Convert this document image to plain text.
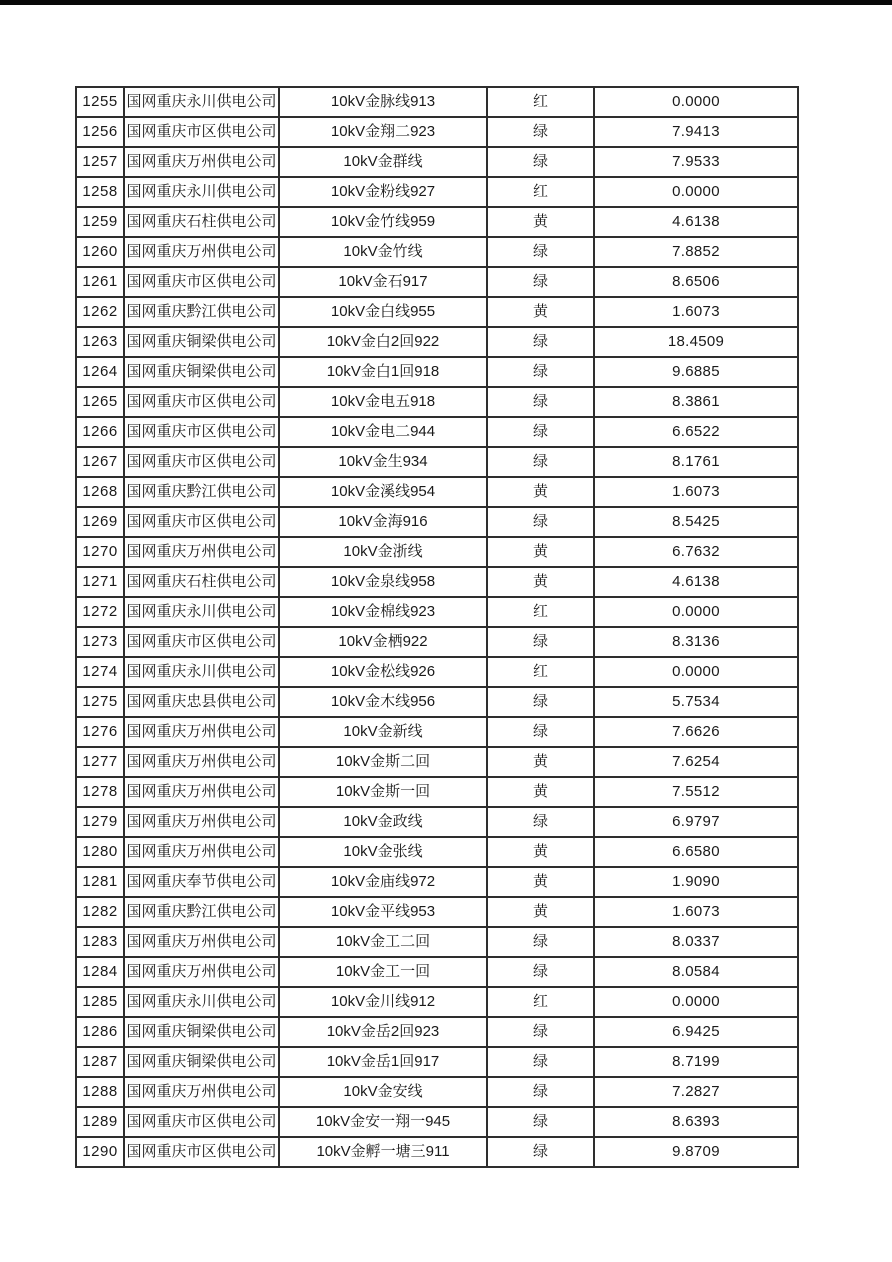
1255	国网重庆永川供电公司	10kV金脉线913	红	0.0000
1256	国网重庆市区供电公司	10kV金翔二923	绿	7.9413
1257	国网重庆万州供电公司	10kV金群线	绿	7.9533
1258	国网重庆永川供电公司	10kV金粉线927	红	0.0000
1259	国网重庆石柱供电公司	10kV金竹线959	黄	4.6138
1260	国网重庆万州供电公司	10kV金竹线	绿	7.8852
1261	国网重庆市区供电公司	10kV金石917	绿	8.6506
1262	国网重庆黔江供电公司	10kV金白线955	黄	1.6073
1263	国网重庆铜梁供电公司	10kV金白2回922	绿	18.4509
1264	国网重庆铜梁供电公司	10kV金白1回918	绿	9.6885
1265	国网重庆市区供电公司	10kV金电五918	绿	8.3861
1266	国网重庆市区供电公司	10kV金电二944	绿	6.6522
1267	国网重庆市区供电公司	10kV金生934	绿	8.1761
1268	国网重庆黔江供电公司	10kV金溪线954	黄	1.6073
1269	国网重庆市区供电公司	10kV金海916	绿	8.5425
1270	国网重庆万州供电公司	10kV金浙线	黄	6.7632
1271	国网重庆石柱供电公司	10kV金泉线958	黄	4.6138
1272	国网重庆永川供电公司	10kV金棉线923	红	0.0000
1273	国网重庆市区供电公司	10kV金栖922	绿	8.3136
1274	国网重庆永川供电公司	10kV金松线926	红	0.0000
1275	国网重庆忠县供电公司	10kV金木线956	绿	5.7534
1276	国网重庆万州供电公司	10kV金新线	绿	7.6626
1277	国网重庆万州供电公司	10kV金斯二回	黄	7.6254
1278	国网重庆万州供电公司	10kV金斯一回	黄	7.5512
1279	国网重庆万州供电公司	10kV金政线	绿	6.9797
1280	国网重庆万州供电公司	10kV金张线	黄	6.6580
1281	国网重庆奉节供电公司	10kV金庙线972	黄	1.9090
1282	国网重庆黔江供电公司	10kV金平线953	黄	1.6073
1283	国网重庆万州供电公司	10kV金工二回	绿	8.0337
1284	国网重庆万州供电公司	10kV金工一回	绿	8.0584
1285	国网重庆永川供电公司	10kV金川线912	红	0.0000
1286	国网重庆铜梁供电公司	10kV金岳2回923	绿	6.9425
1287	国网重庆铜梁供电公司	10kV金岳1回917	绿	8.7199
1288	国网重庆万州供电公司	10kV金安线	绿	7.2827
1289	国网重庆市区供电公司	10kV金安一翔一945	绿	8.6393
1290	国网重庆市区供电公司	10kV金孵一塘三911	绿	9.8709
